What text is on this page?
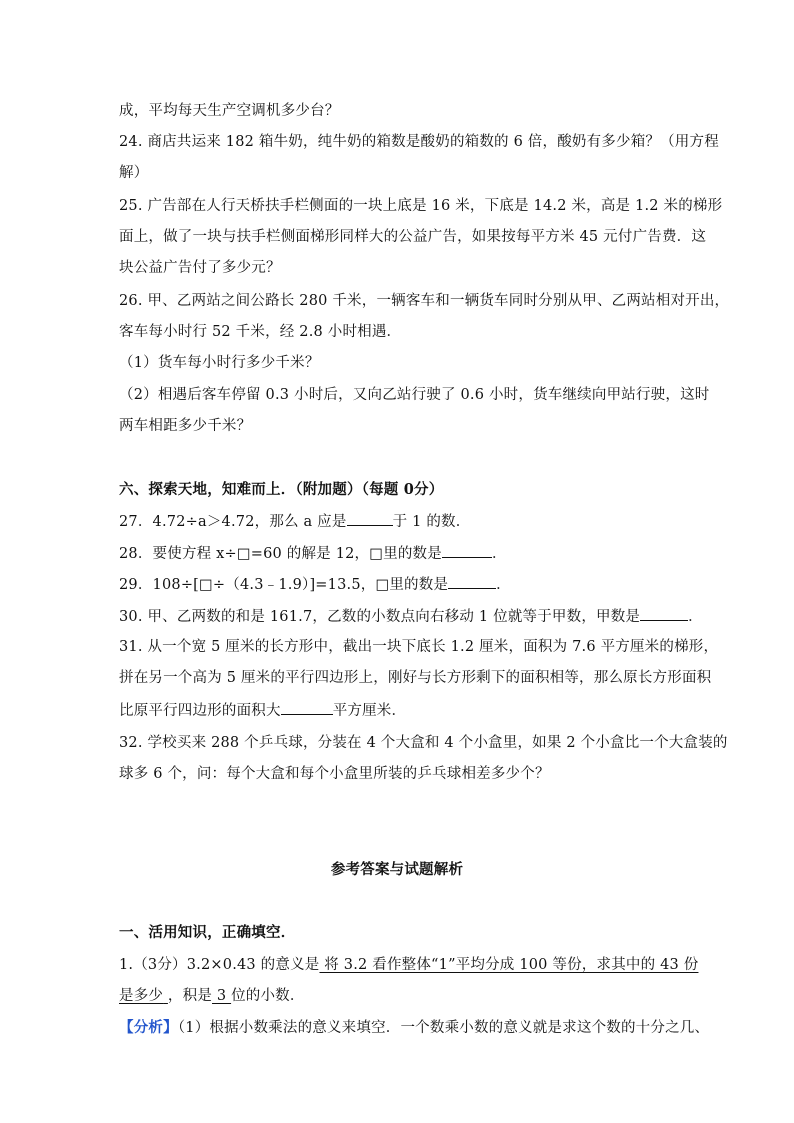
成，平均每天生产空调机多少台？
24. 商店共运来 182 箱牛奶，纯牛奶的箱数是酸奶的箱数的 6 倍，酸奶有多少箱？（用方程
解）
25. 广告部在人行天桥扶手栏侧面的一块上底是 16 米，下底是 14.2 米，高是 1.2 米的梯形
面上，做了一块与扶手栏侧面梯形同样大的公益广告，如果按每平方米 45 元付广告费．这
块公益广告付了多少元？
26. 甲、乙两站之间公路长 280 千米，一辆客车和一辆货车同时分别从甲、乙两站相对开出，
客车每小时行 52 千米，经 2.8 小时相遇．
（1）货车每小时行多少千米？
（2）相遇后客车停留 0.3 小时后，又向乙站行驶了 0.6 小时，货车继续向甲站行驶，这时
两车相距多少千米？
六、探索天地，知难而上．（附加题）（每题 0分）
27．4.72÷a＞4.72，那么 a 应是	于 1 的数．
28．要使方程 x÷□=60 的解是 12，□里的数是	．
29．108÷[□÷（4.3﹣1.9）]=13.5，□里的数是	．
30. 甲、乙两数的和是 161.7，乙数的小数点向右移动 1 位就等于甲数，甲数是	．
31. 从一个宽 5 厘米的长方形中，截出一块下底长 1.2 厘米，面积为 7.6 平方厘米的梯形，
拼在另一个高为 5 厘米的平行四边形上，刚好与长方形剩下的面积相等，那么原长方形面积
比原平行四边形的面积大	平方厘米．
32. 学校买来 288 个乒乓球，分装在 4 个大盒和 4 个小盒里，如果 2 个小盒比一个大盒装的
球多 6 个，问：每个大盒和每个小盒里所装的乒乓球相差多少个？
参考答案与试题解析
一、活用知识，正确填空．
1.（3分）3.2×0.43 的意义是 将 3.2 看作整体“1”平均分成 100 等份，求其中的 43 份
是多少 ，积是 3 位的小数．
【分析】（1）根据小数乘法的意义来填空．一个数乘小数的意义就是求这个数的十分之几、
